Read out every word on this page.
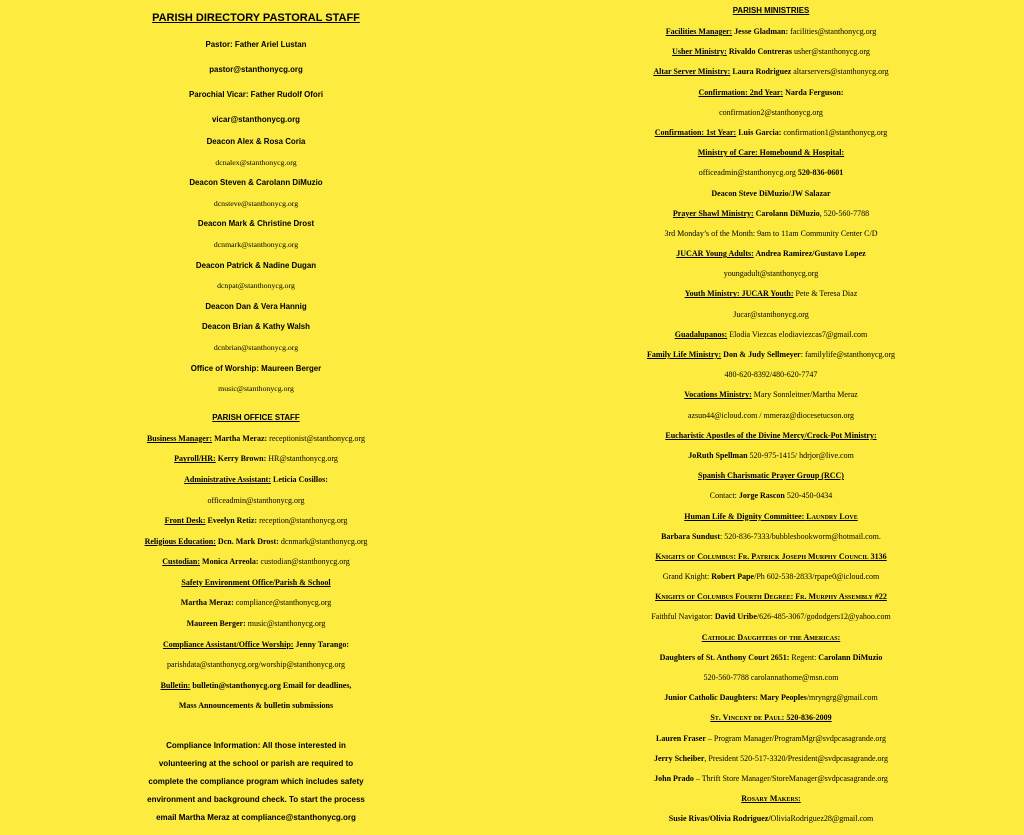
PARISH DIRECTORY PASTORAL STAFF
Pastor: Father Ariel Lustan
pastor@stanthonycg.org
Parochial Vicar: Father Rudolf Ofori
vicar@stanthonycg.org
Deacon Alex & Rosa Coria
dcnalex@stanthonycg.org
Deacon Steven & Carolann DiMuzio
dcnsteve@stanthonycg.org
Deacon Mark & Christine Drost
dcnmark@stanthonycg.org
Deacon Patrick & Nadine Dugan
dcnpat@stanthonycg.org
Deacon Dan & Vera Hannig
Deacon Brian & Kathy Walsh
dcnbrian@stanthonycg.org
Office of Worship: Maureen Berger
music@stanthonycg.org
PARISH OFFICE STAFF
Business Manager: Martha Meraz: receptionist@stanthonycg.org
Payroll/HR: Kerry Brown: HR@stanthonycg.org
Administrative Assistant: Leticia Cosillos:
officeadmin@stanthonycg.org
Front Desk: Eveelyn Retiz: reception@stanthonycg.org
Religious Education: Dcn. Mark Drost: dcnmark@stanthonycg.org
Custodian: Monica Arreola: custodian@stanthonycg.org
Safety Environment Office/Parish & School
Martha Meraz: compliance@stanthonycg.org
Maureen Berger: music@stanthonycg.org
Compliance Assistant/Office Worship: Jenny Tarango:
parishdata@stanthonycg.org/worship@stanthonycg.org
Bulletin: bulletin@stanthonycg.org Email for deadlines,
Mass Announcements & bulletin submissions
Compliance Information: All those interested in
volunteering at the school or parish are required to
complete the compliance program which includes safety
environment and background check. To start the process
email Martha Meraz at compliance@stanthonycg.org
PARISH MINISTRIES
Facilities Manager: Jesse Gladman: facilities@stanthonycg.org
Usher Ministry: Rivaldo Contreras usher@stanthonycg.org
Altar Server Ministry: Laura Rodriguez altarservers@stanthonycg.org
Confirmation: 2nd Year: Narda Ferguson:
confirmation2@stanthonycg.org
Confirmation: 1st Year: Luis Garcia: confirmation1@stanthonycg.org
Ministry of Care: Homebound & Hospital:
officeadmin@stanthonycg.org 520-836-0601
Deacon Steve DiMuzio/JW Salazar
Prayer Shawl Ministry: Carolann DiMuzio, 520-560-7788
3rd Monday’s of the Month: 9am to 11am Community Center C/D
JUCAR Young Adults: Andrea Ramirez/Gustavo Lopez
youngadult@stanthonycg.org
Youth Ministry: JUCAR Youth: Pete & Teresa Diaz
Jucar@stanthonycg.org
Guadalupanos: Elodia Viezcas elodiaviezcas7@gmail.com
Family Life Ministry: Don & Judy Sellmeyer: familylife@stanthonycg.org
480-620-8392/480-620-7747
Vocations Ministry: Mary Sonnleitner/Martha Meraz
azsun44@icloud.com / mmeraz@diocesetucson.org
Eucharistic Apostles of the Divine Mercy/Crock-Pot Ministry:
JoRuth Spellman 520-975-1415/ hdrjor@live.com
Spanish Charismatic Prayer Group (RCC)
Contact: Jorge Rascon 520-450-0434
Human Life & Dignity Committee: Laundry Love
Barbara Sundust: 520-836-7333/bubblesbookworm@hotmail.com.
Knights of Columbus: Fr. Patrick Joseph Murphy Council 3136
Grand Knight: Robert Pape/Ph 602-538-2833/rpape0@icloud.com
Knights of Columbus Fourth Degree: Fr. Murphy Assembly #22
Faithful Navigator: David Uribe/626-485-3067/gododgers12@yahoo.com
Catholic Daughters of the Americas:
Daughters of St. Anthony Court 2651: Regent: Carolann DiMuzio
520-560-7788 carolannathome@msn.com
Junior Catholic Daughters: Mary Peoples/mryngrg@gmail.com
St. Vincent de Paul: 520-836-2009
Lauren Fraser – Program Manager/ProgramMgr@svdpcasagrande.org
Jerry Scheiber, President 520-517-3320/President@svdpcasagrande.org
John Prado – Thrift Store Manager/StoreManager@svdpcasagrande.org
Rosary Makers:
Susie Rivas/Olivia Rodriguez/OliviaRodriguez28@gmail.com
